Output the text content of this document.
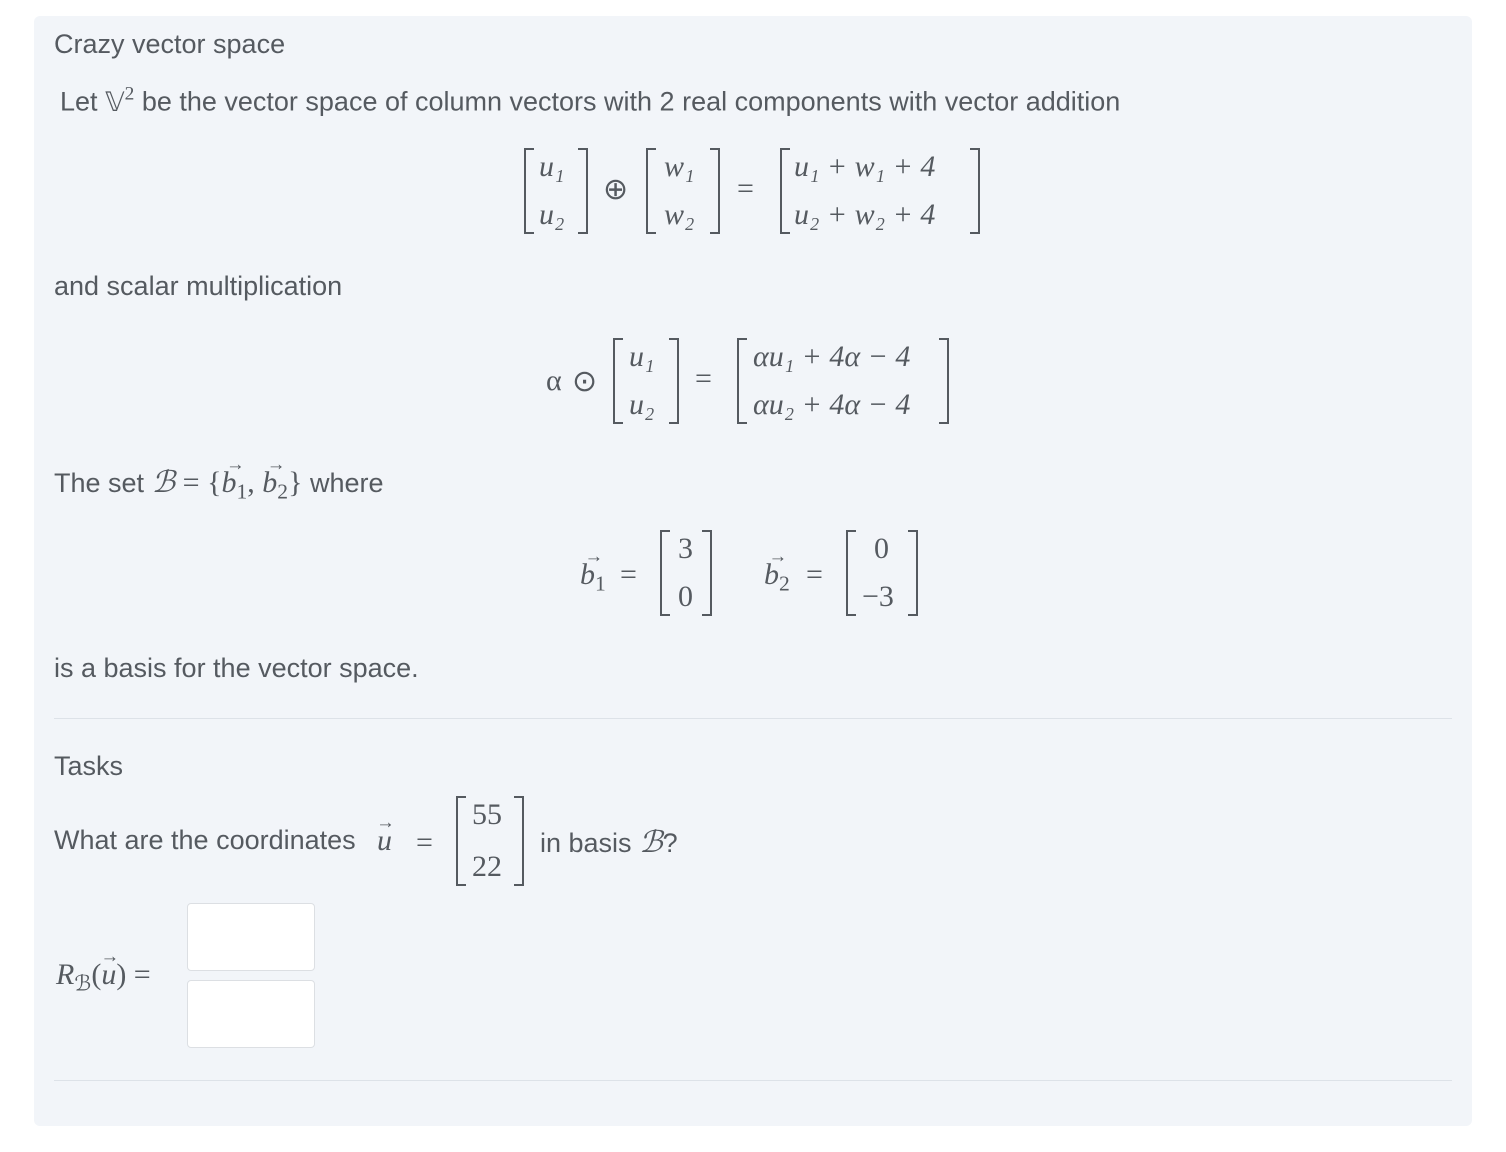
Crazy vector space
Let 𝕍$^2$ be the vector space of column vectors with 2 real components with vector addition
u₁
u₂
⊕
w₁
w₂
=
u₁ + w₁ + 4
u₂ + w₂ + 4
and scalar multiplication
α ⊙
u₁
u₂
=
αu₁ + 4α − 4
αu₂ + 4α − 4
The set ℬ = {→ $b_1$, → $b_2$} where
→ $b_1$ =
3
0
→ $b_2$ =
0
−3
is a basis for the vector space.
Tasks
What are the coordinates
→ u =
55
22
in basis ℬ?
$R_ℬ(\to u)$ =
